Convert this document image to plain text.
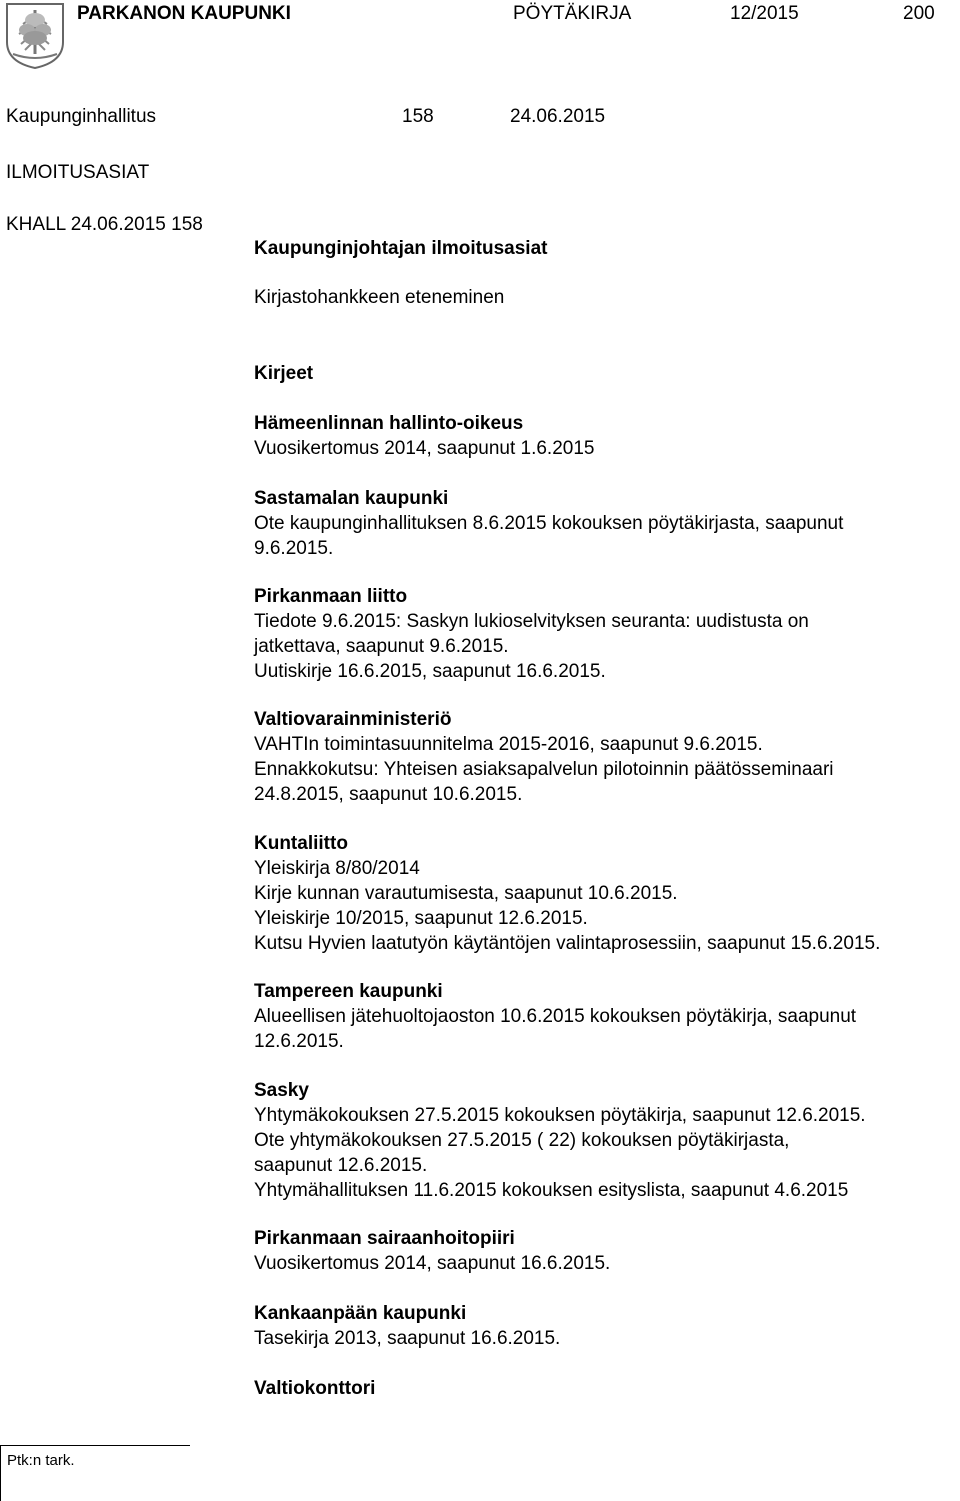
PARKANON KAUPUNKI	PÖYTÄKIRJA	12/2015	200
Kaupunginhallitus	158	24.06.2015
ILMOITUSASIAT
KHALL 24.06.2015 158
Kaupunginjohtajan ilmoitusasiat
Kirjastohankkeen eteneminen
Kirjeet
Hämeenlinnan hallinto-oikeus
Vuosikertomus 2014, saapunut 1.6.2015
Sastamalan kaupunki
Ote kaupunginhallituksen 8.6.2015 kokouksen pöytäkirjasta, saapunut
9.6.2015.
Pirkanmaan liitto
Tiedote 9.6.2015: Saskyn lukioselvityksen seuranta: uudistusta on
jatkettava, saapunut 9.6.2015.
Uutiskirje 16.6.2015, saapunut 16.6.2015.
Valtiovarainministeriö
VAHTIn toimintasuunnitelma 2015-2016, saapunut 9.6.2015.
Ennakkokutsu: Yhteisen asiaksapalvelun pilotoinnin päätösseminaari
24.8.2015, saapunut 10.6.2015.
Kuntaliitto
Yleiskirja 8/80/2014
Kirje kunnan varautumisesta, saapunut 10.6.2015.
Yleiskirje 10/2015, saapunut 12.6.2015.
Kutsu Hyvien laatutyön käytäntöjen valintaprosessiin, saapunut 15.6.2015.
Tampereen kaupunki
Alueellisen jätehuoltojaoston 10.6.2015 kokouksen pöytäkirja, saapunut
12.6.2015.
Sasky
Yhtymäkokouksen 27.5.2015 kokouksen pöytäkirja, saapunut 12.6.2015.
Ote yhtymäkokouksen 27.5.2015 ( 22) kokouksen pöytäkirjasta,
saapunut 12.6.2015.
Yhtymähallituksen 11.6.2015 kokouksen esityslista, saapunut 4.6.2015
Pirkanmaan sairaanhoitopiiri
Vuosikertomus 2014, saapunut 16.6.2015.
Kankaanpään kaupunki
Tasekirja 2013, saapunut 16.6.2015.
Valtiokonttori
Ptk:n tark.
